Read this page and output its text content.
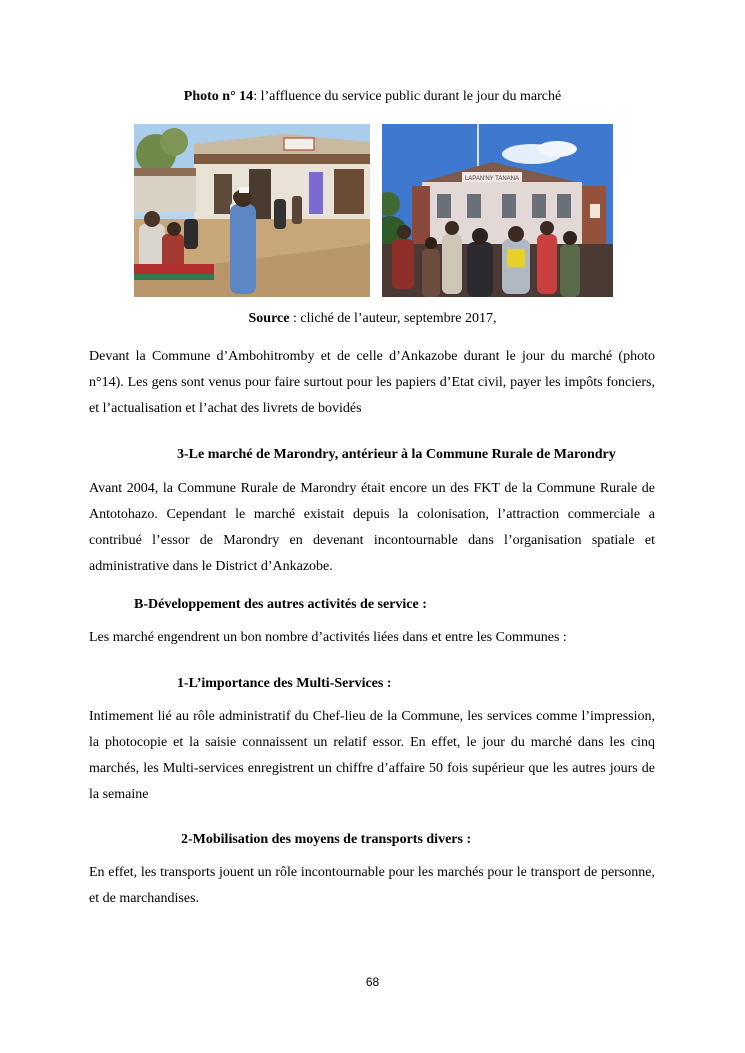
Photo n° 14: l’affluence du service public durant le jour du marché
LAPAN'NY TANANA
Source : cliché de l’auteur, septembre 2017,
Devant la Commune d’Ambohitromby et de celle d’Ankazobe durant le jour du marché (photo n°14). Les gens sont venus pour faire surtout pour les papiers d’Etat civil, payer les impôts fonciers, et l’actualisation et l’achat des livrets de bovidés
3-Le marché de Marondry, antérieur à la Commune Rurale de Marondry
Avant 2004, la Commune Rurale de Marondry était encore un des FKT de la Commune Rurale de Antotohazo. Cependant le marché existait depuis la colonisation, l’attraction commerciale a contribué l’essor de Marondry en devenant incontournable dans l’organisation spatiale et administrative dans le District d’Ankazobe.
B-Développement des autres activités de service :
Les marché engendrent un bon nombre d’activités liées dans et entre les Communes :
1-L’importance des Multi-Services :
Intimement lié au rôle administratif du Chef-lieu de la Commune, les services comme l’impression, la photocopie et la saisie connaissent un relatif essor. En effet, le jour du marché dans les cinq marchés, les Multi-services enregistrent un chiffre d’affaire 50 fois supérieur que les autres jours de la semaine
2-Mobilisation des moyens de transports divers :
En effet, les transports jouent un rôle incontournable pour les marchés pour le transport de personne, et de marchandises.
68
